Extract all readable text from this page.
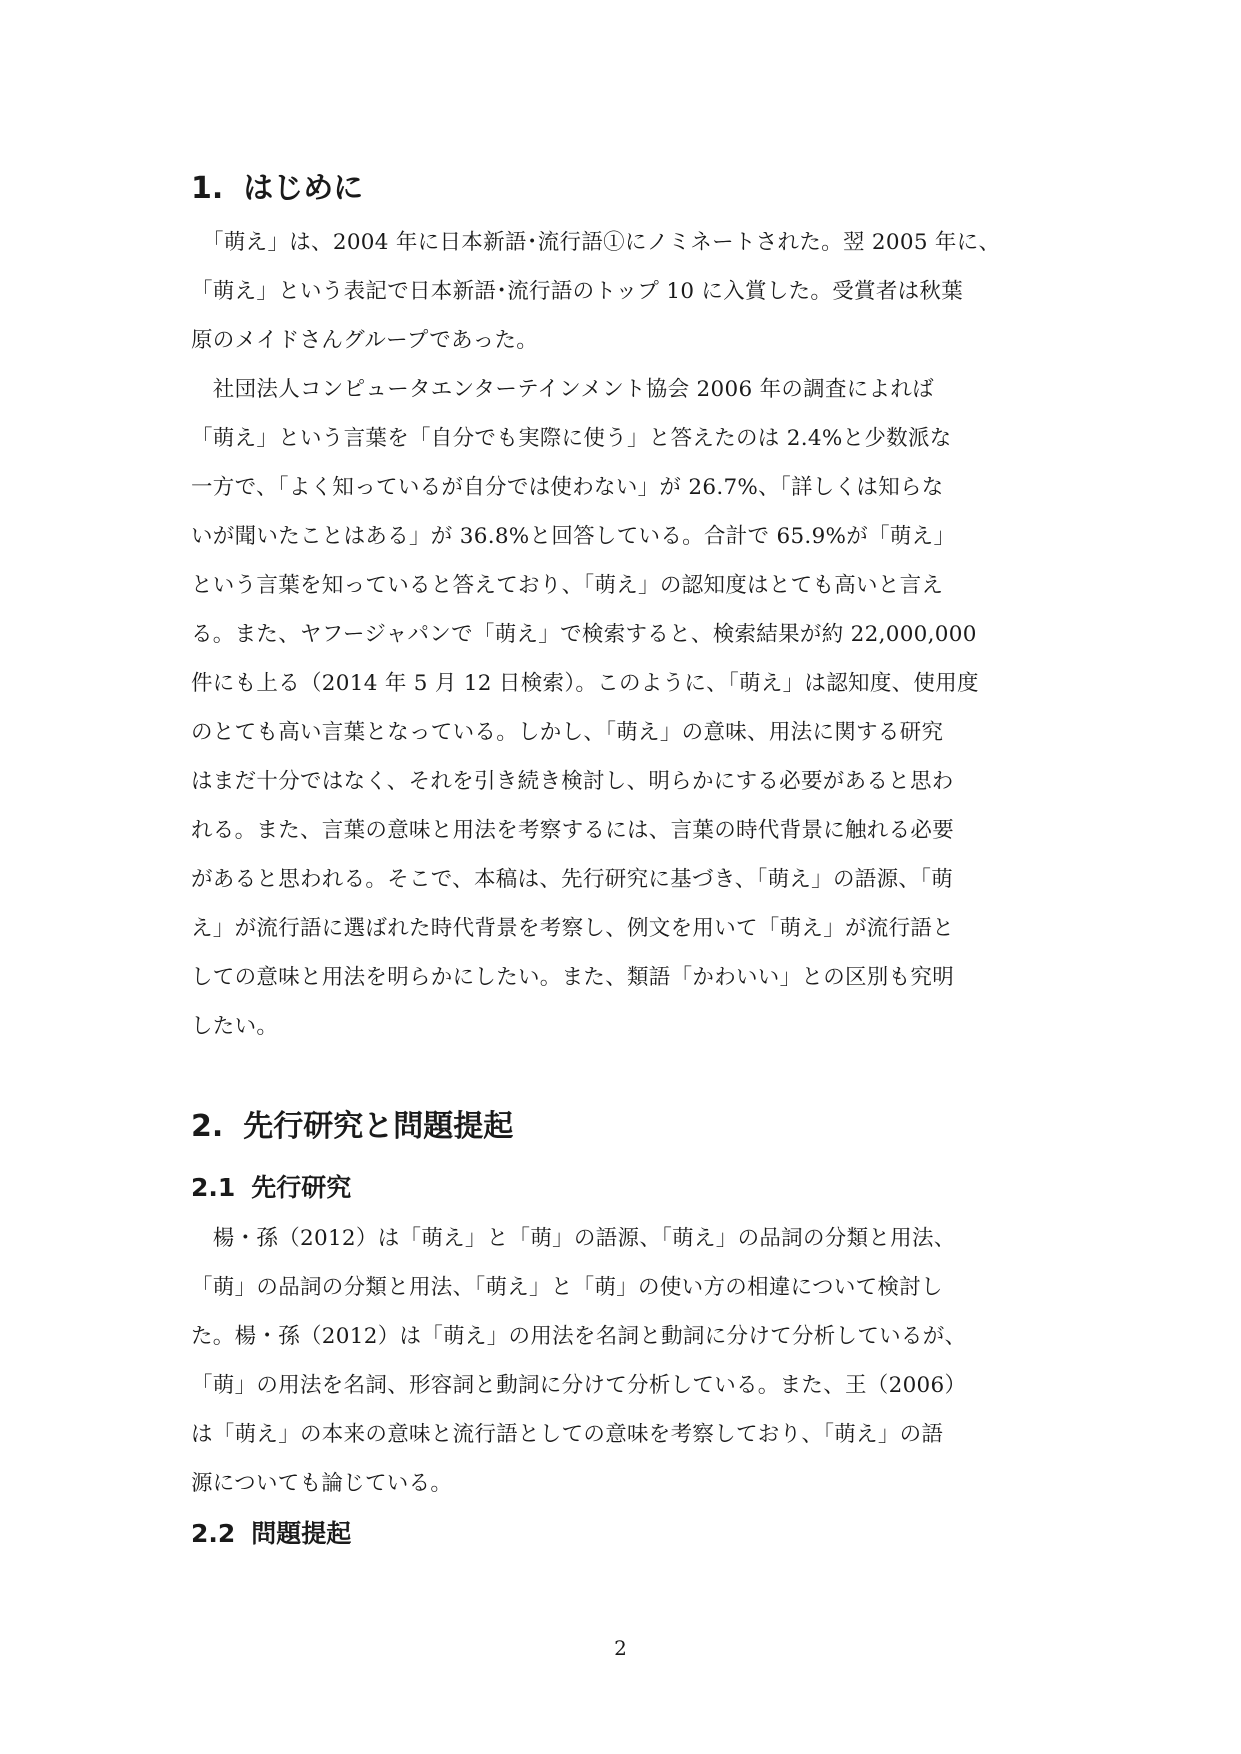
1. はじめに

　「萌え」は、2004 年に日本新語･流行語①にノミネートされた。翌 2005 年に、
「萌え」という表記で日本新語･流行語のトップ 10 に入賞した。受賞者は秋葉
原のメイドさんグループであった。

　社団法人コンピュータエンターテインメント協会 2006 年の調査によれば
「萌え」という言葉を「自分でも実際に使う」と答えたのは 2.4%と少数派な
一方で、「よく知っているが自分では使わない」が 26.7%、「詳しくは知らな
いが聞いたことはある」が 36.8%と回答している。合計で 65.9%が「萌え」
という言葉を知っていると答えており、「萌え」の認知度はとても高いと言え
る。また、ヤフージャパンで「萌え」で検索すると、検索結果が約 22,000,000
件にも上る（2014 年 5 月 12 日検索）。このように、「萌え」は認知度、使用度
のとても高い言葉となっている。しかし、「萌え」の意味、用法に関する研究
はまだ十分ではなく、それを引き続き検討し、明らかにする必要があると思わ
れる。また、言葉の意味と用法を考察するには、言葉の時代背景に触れる必要
があると思われる。そこで、本稿は、先行研究に基づき、「萌え」の語源、「萌
え」が流行語に選ばれた時代背景を考察し、例文を用いて「萌え」が流行語と
しての意味と用法を明らかにしたい。また、類語「かわいい」との区別も究明
したい。

2. 先行研究と問題提起
2.1 先行研究

　楊・孫（2012）は「萌え」と「萌」の語源、「萌え」の品詞の分類と用法、
「萌」の品詞の分類と用法、「萌え」と「萌」の使い方の相違について検討し
た。楊・孫（2012）は「萌え」の用法を名詞と動詞に分けて分析しているが、
「萌」の用法を名詞、形容詞と動詞に分けて分析している。また、王（2006）
は「萌え」の本来の意味と流行語としての意味を考察しており、「萌え」の語
源についても論じている。

2.2 問題提起
2
